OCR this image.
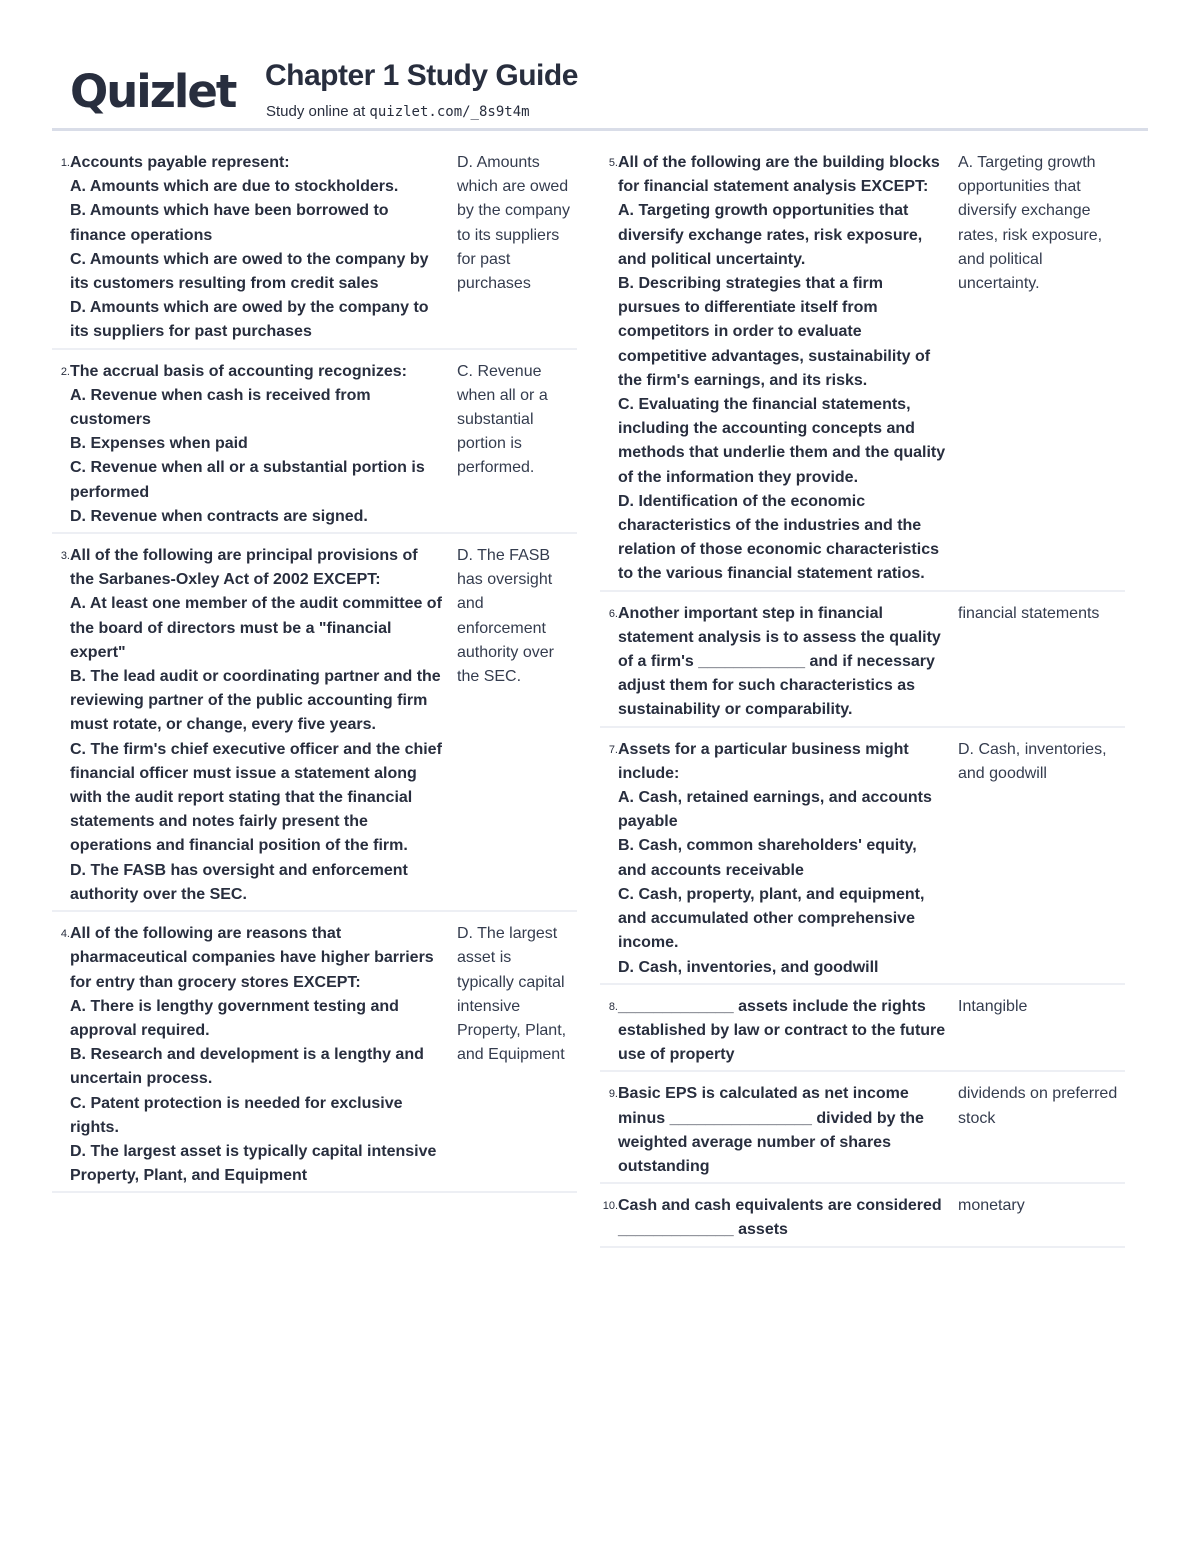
Quizlet Chapter 1 Study Guide
Study online at quizlet.com/_8s9t4m
1. Accounts payable represent:
A. Amounts which are due to stockholders.
B. Amounts which have been borrowed to finance operations
C. Amounts which are owed to the company by its customers resulting from credit sales
D. Amounts which are owed by the company to its suppliers for past purchases
D. Amounts which are owed by the company to its suppliers for past purchases
2. The accrual basis of accounting recognizes:
A. Revenue when cash is received from customers
B. Expenses when paid
C. Revenue when all or a substantial portion is performed
D. Revenue when contracts are signed.
C. Revenue when all or a substantial portion is performed.
3. All of the following are principal provisions of the Sarbanes-Oxley Act of 2002 EXCEPT:
A. At least one member of the audit committee of the board of directors must be a "financial expert"
B. The lead audit or coordinating partner and the reviewing partner of the public accounting firm must rotate, or change, every five years.
C. The firm's chief executive officer and the chief financial officer must issue a statement along with the audit report stating that the financial statements and notes fairly present the operations and financial position of the firm.
D. The FASB has oversight and enforcement authority over the SEC.
D. The FASB has oversight and enforcement authority over the SEC.
4. All of the following are reasons that pharmaceutical companies have higher barriers for entry than grocery stores EXCEPT:
A. There is lengthy government testing and approval required.
B. Research and development is a lengthy and uncertain process.
C. Patent protection is needed for exclusive rights.
D. The largest asset is typically capital intensive Property, Plant, and Equipment
D. The largest asset is typically capital intensive Property, Plant, and Equipment
5. All of the following are the building blocks for financial statement analysis EXCEPT:
A. Targeting growth opportunities that diversify exchange rates, risk exposure, and political uncertainty.
B. Describing strategies that a firm pursues to differentiate itself from competitors in order to evaluate competitive advantages, sustainability of the firm's earnings, and its risks.
C. Evaluating the financial statements, including the accounting concepts and methods that underlie them and the quality of the information they provide.
D. Identification of the economic characteristics of the industries and the relation of those economic characteristics to the various financial statement ratios.
A. Targeting growth opportunities that diversify exchange rates, risk exposure, and political uncertainty.
6. Another important step in financial statement analysis is to assess the quality of a firm's ____________ and if necessary adjust them for such characteristics as sustainability or comparability.
financial statements
7. Assets for a particular business might include:
A. Cash, retained earnings, and accounts payable
B. Cash, common shareholders' equity, and accounts receivable
C. Cash, property, plant, and equipment, and accumulated other comprehensive income.
D. Cash, inventories, and goodwill
D. Cash, inventories, and goodwill
8. _____________ assets include the rights established by law or contract to the future use of property
Intangible
9. Basic EPS is calculated as net income minus ________________ divided by the weighted average number of shares outstanding
dividends on preferred stock
10. Cash and cash equivalents are considered _____________ assets
monetary
